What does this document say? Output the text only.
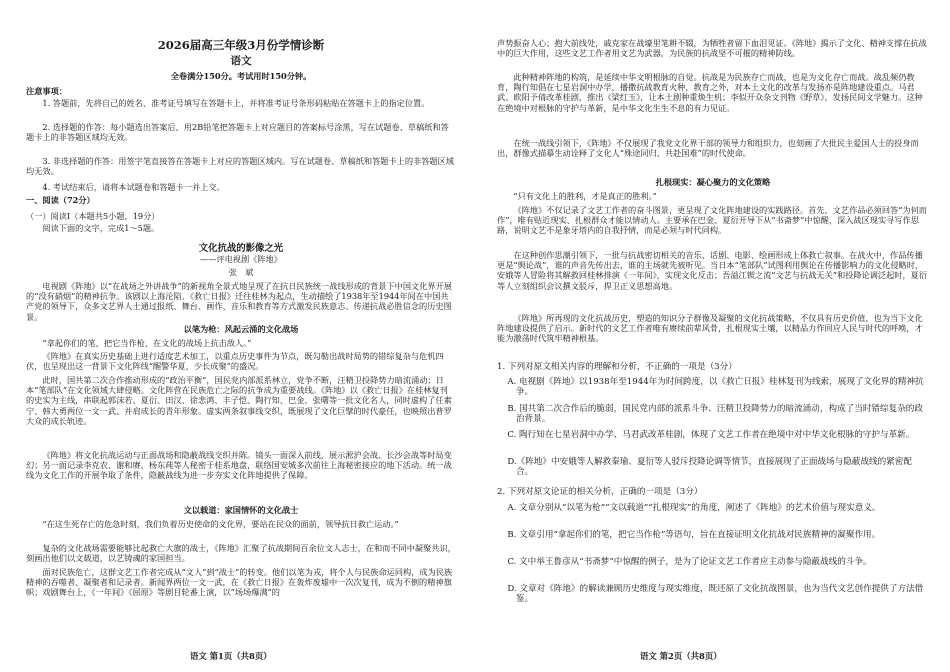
2026届高三年级3月份学情诊断
语文
全卷满分150分。考试用时150分钟。
注意事项：
1. 答题前，先将自己的姓名、准考证号填写在答题卡上，并将准考证号条形码粘贴在答题卡上的指定位置。
2. 选择题的作答：每小题选出答案后，用2B铅笔把答题卡上对应题目的答案标号涂黑，写在试题卷、草稿纸和答题卡上的非答题区域均无效。
3. 非选择题的作答：用签字笔直接答在答题卡上对应的答题区域内。写在试题卷、草稿纸和答题卡上的非答题区域均无效。
4. 考试结束后，请将本试题卷和答题卡一并上交。
一、阅读（72分）
（一）阅读Ⅰ（本题共5小题，19分）
阅读下面的文字，完成1～5题。
文化抗战的影像之光
——评电视剧《阵地》
张　斌
电视剧《阵地》以“在战场之外讲战争”的新视角全景式地呈现了在抗日民族统一战线形成的背景下中国文化界开展的“没有硝烟”的精神抗争。该剧以上海沦陷、《救亡日报》迁往桂林为起点，生动描绘了1938年至1944年间在中国共产党的领导下，众多文艺界人士通过报纸、舞台、画作、音乐和教育等方式激发民族意志、传递抗战必胜信念的历史图景。
以笔为枪：风起云涌的文化战场
“拿起你们的笔，把它当作枪，在文化的战场上抗击敌人。”
《阵地》在真实历史基础上进行适度艺术加工，以重点历史事件为节点，既勾勒出战时局势的错综复杂与危机四伏，也呈现出这一背景下文化阵线“醒警华夏，少长成聚”的盛况。
此时，国共第二次合作推动形成的“政治平衡”，国民党内部派系林立，党争不断，汪精卫投降势力暗流涌动；日本“笔部队”在文化领域大肆侵略。文化阵营在民族危亡之际的抗争成为重要战线。《阵地》以《救亡日报》在桂林复刊的史实为主线，串联起郭沫若、夏衍、田汉、徐悲鸿、丰子恺、陶行知、巴金、张曙等一批文化名人，同时虚构了任素宁、韩大勇两位一文一武、并肩成长的青年形象。虚实两条叙事线交织，既展现了文化巨擘的时代豪任，也映照出普罗大众的成长轨迹。
《阵地》将文化抗战运动与正面战场和隐蔽战线交织并陈。镜头一面深入前线，展示淞沪会战、长沙会战等时局变幻；另一面记录李克农、谢和赓、杨东莼等人秘密于桂系地盘，联络国安城多次前往上海秘密接应的地下活动。统一战线为文化工作的开展争取了条件，隐蔽战线为进一步夯实文化阵地提供了保障。
文以载道：家国情怀的文化战士
“在这生死存亡的危急时刻，我们负着历史使命的文化界，要站在民众的面前，领导抗日救亡运动。”
复杂的文化战场需要能够比起救亡大旗的战士，《阵地》汇聚了抗战期间百余位文人志士，在和而不同中凝聚共识，刻画出他们以文载道，以艺铸魂的家国担当。
面对民族危亡，这群文艺工作者完成从“文人”到“战士”的转变。他们以笔为戎，将个人与民族命运同构，成为民族精神的吞噬者、凝聚者和记录者。新闻界两位一文一武，在《救亡日报》在轰炸废墟中一次次复刊，成为不倒的精神旗帜；戏剧舞台上，《一年间》《屈原》等剧目轮番上演，以“场场爆满”的
声势振奋人心；抱大前线处，戚克家在战壕里笔耕不辍，为牺牲者留下血泪见证。《阵地》揭示了文化、精神支撑在抗战中的巨大作用，这些文艺工作者用文艺为武器，为民族的抗战坚不可摧的精神防线。
此种精神阵地的构筑，是延续中华文明根脉的自觉。抗战是为民族存亡而战，也是为文化存亡而战。战乱频仍教育，陶行知倡在七星岩洞中办学，播撒抗战教育火种，教育之外，对本土文化的改革与发扬亦是阵地建设重点。马君武、欧阳予倩改革桂剧，推出《梁红玉》，让本土剧种重焕生机；李似开众杂文刊物《野草》，发扬民间文学魅力。这种在绝境中对根脉的守护与革新，是中华文化生生不息的有力见证。
在统一战线引领下，《阵地》不仅展现了我党文化界干部的领导力和组织力，也刻画了大批民主爱国人士的投身而出，群像式描摹生动诠释了文化人“殊途同归、共赴国难”的时代使命。
扎根现实：凝心聚力的文化策略
“只有文化上的胜利，才是真正的胜利。”
《阵地》不仅记录了文艺工作者的奋斗图景，更呈现了文化阵地建设的实践路径。首先，文艺作品必须回答“为何而作”，唯有贴近现实、扎根群众才能以情动人。主要承在巴金、夏衍开导下从“书斋梦”中惊醒，深入战区现实寻写作思路，说明文艺不是象牙塔内的自我抒情，而是必须与时代同构。
在这种创作思潮引领下，一批与抗战密切相关的音乐、话剧、电影、绘画形成上体救亡叙事。在战火中，作品传播更是“舆论战”，谁的声音先传出去，谁的主场就先被听见。当日本“笔部队”试图利用舆论在传播影响力的文化侵略时，安娥等人冒险将其解救回桂林排演《一年间》，实现文化反击；吾溢江锲之流“文艺与抗战无关”和投降论调泛起时，夏衍等人立刻组织会议撰文驳斥，捍卫正义思想高地。
《阵地》所再现的文化抗战历史，塑造的知识分子群像及凝聚的文化抗战策略，不仅具有历史价值，也为当下文化阵地建设提供了启示。新时代的文艺工作者唯有赓续前辈风骨，扎根现实土壤，以精品力作回应人民与时代的呼唤，才能为激荡时代筑牢精神根基。
1. 下列对原文相关内容的理解和分析，不正确的一项是（3分）
A. 电视剧《阵地》以1938年至1944年为时间跨度，以《救亡日报》桂林复刊为线索，展现了文化界的精神抗争。
B. 国共第二次合作后的脆弱，国民党内部的派系斗争、汪精卫投降势力的暗流涌动，构成了当时错综复杂的政治背景。
C. 陶行知在七星岩洞中办学、马君武改革桂剧，体现了文艺工作者在绝境中对中华文化根脉的守护与革新。
D.《阵地》中安娥等人解救秦瑜、夏衍等人驳斥投降论调等情节，直接展现了正面战场与隐蔽战线的紧密配合。
2. 下列对原文论证的相关分析，正确的一项是（3分）
A. 文章分别从“以笔为枪”“文以载道”“扎根现实”的角度，阐述了《阵地》的艺术价值与现实意义。
B. 文章引用“拿起你们的笔，把它当作枪”等语句，旨在直接证明文化抗战对民族精神的凝聚作用。
C. 文中举王鲁彦从“书斋梦”中惊醒的例子，是为了论证文艺工作者应主动参与隐蔽战线的斗争。
D. 文章对《阵地》的解读兼顾历史维度与现实维度，既还原了文化抗战图景，也为当代文艺创作提供了方法借鉴。
语文 第1页（共8页）	语文 第2页（共8页）
